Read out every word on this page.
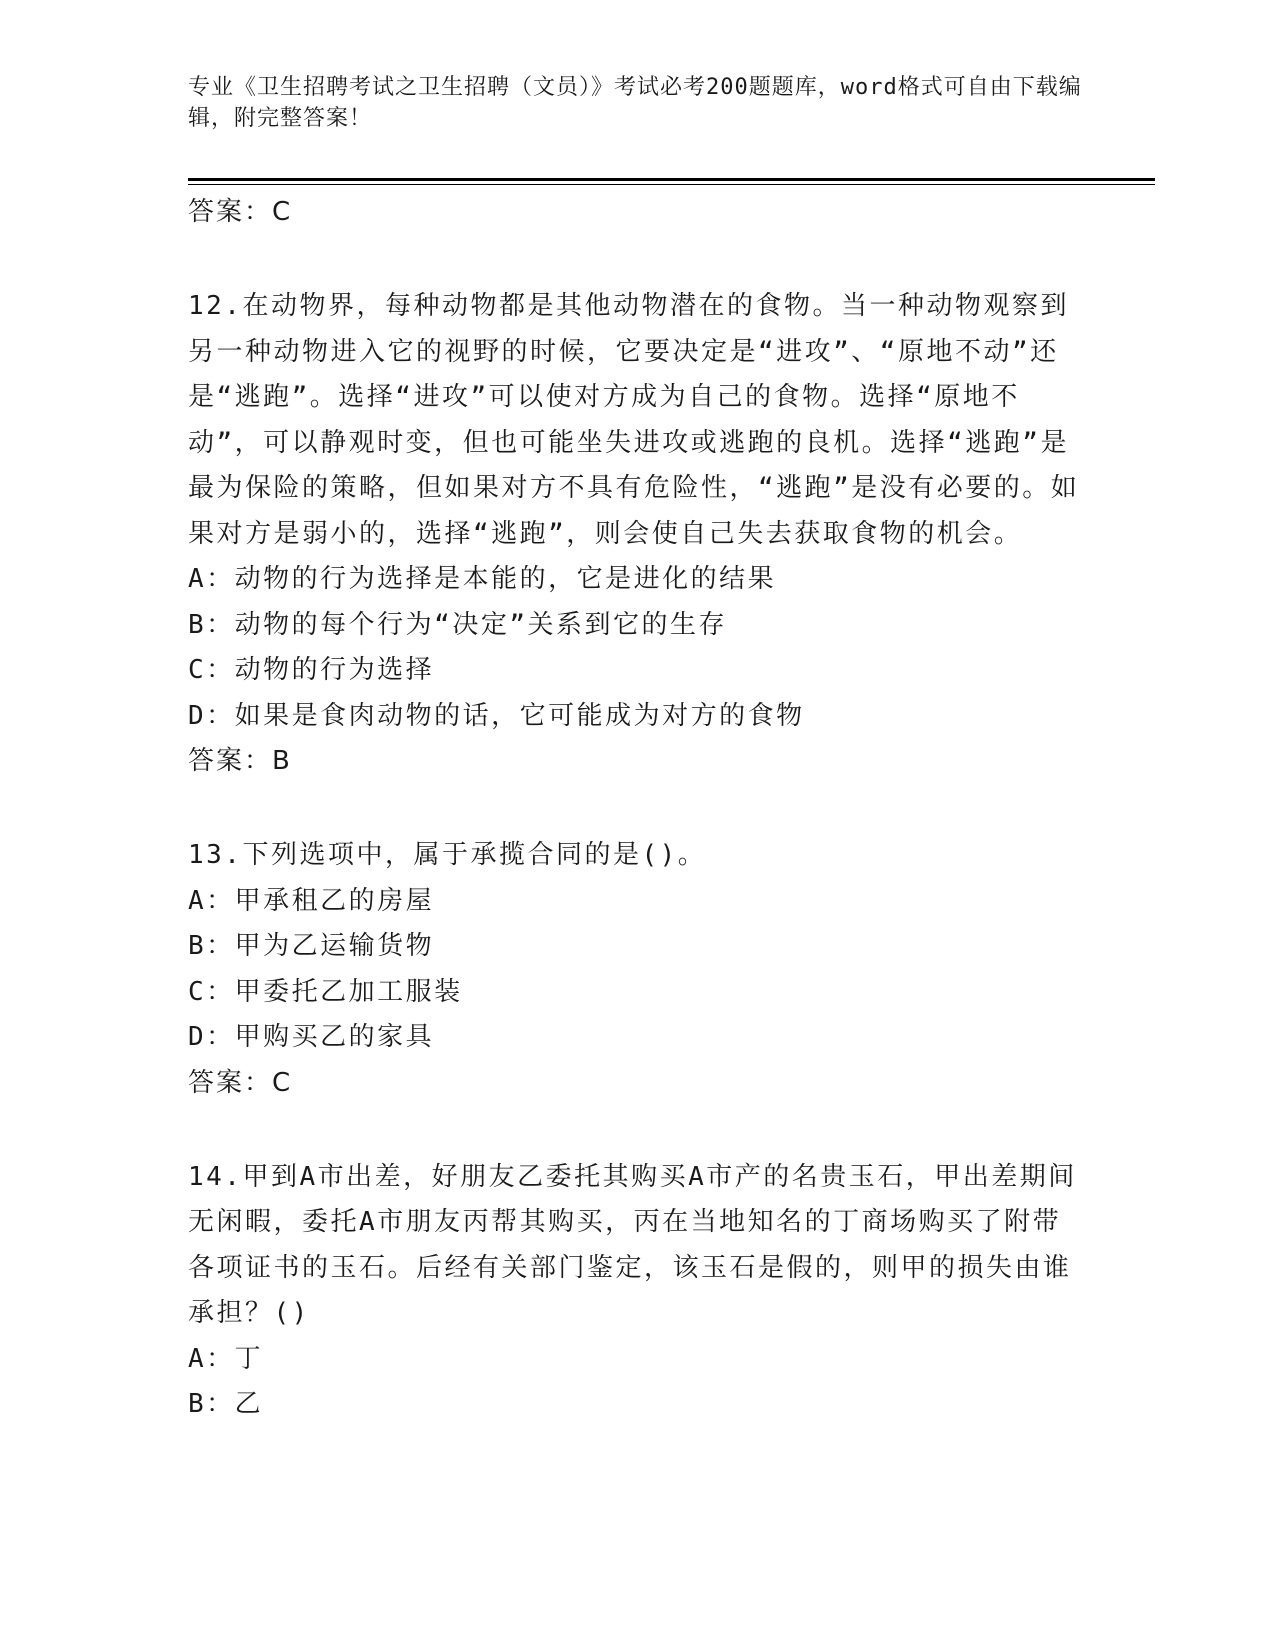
专业《卫生招聘考试之卫生招聘（文员）》考试必考200题题库，word格式可自由下载编辑，附完整答案！
答案：C
12.在动物界，每种动物都是其他动物潜在的食物。当一种动物观察到另一种动物进入它的视野的时候，它要决定是“进攻”、“原地不动”还是“逃跑”。选择“进攻”可以使对方成为自己的食物。选择“原地不动”，可以静观时变，但也可能坐失进攻或逃跑的良机。选择“逃跑”是最为保险的策略，但如果对方不具有危险性，“逃跑”是没有必要的。如果对方是弱小的，选择“逃跑”，则会使自己失去获取食物的机会。
A：动物的行为选择是本能的，它是进化的结果
B：动物的每个行为“决定”关系到它的生存
C：动物的行为选择
D：如果是食肉动物的话，它可能成为对方的食物
答案：B
13.下列选项中，属于承揽合同的是()。
A：甲承租乙的房屋
B：甲为乙运输货物
C：甲委托乙加工服装
D：甲购买乙的家具
答案：C
14.甲到A市出差，好朋友乙委托其购买A市产的名贵玉石，甲出差期间无闲暇，委托A市朋友丙帮其购买，丙在当地知名的丁商场购买了附带各项证书的玉石。后经有关部门鉴定，该玉石是假的，则甲的损失由谁承担？()
A：丁
B：乙
